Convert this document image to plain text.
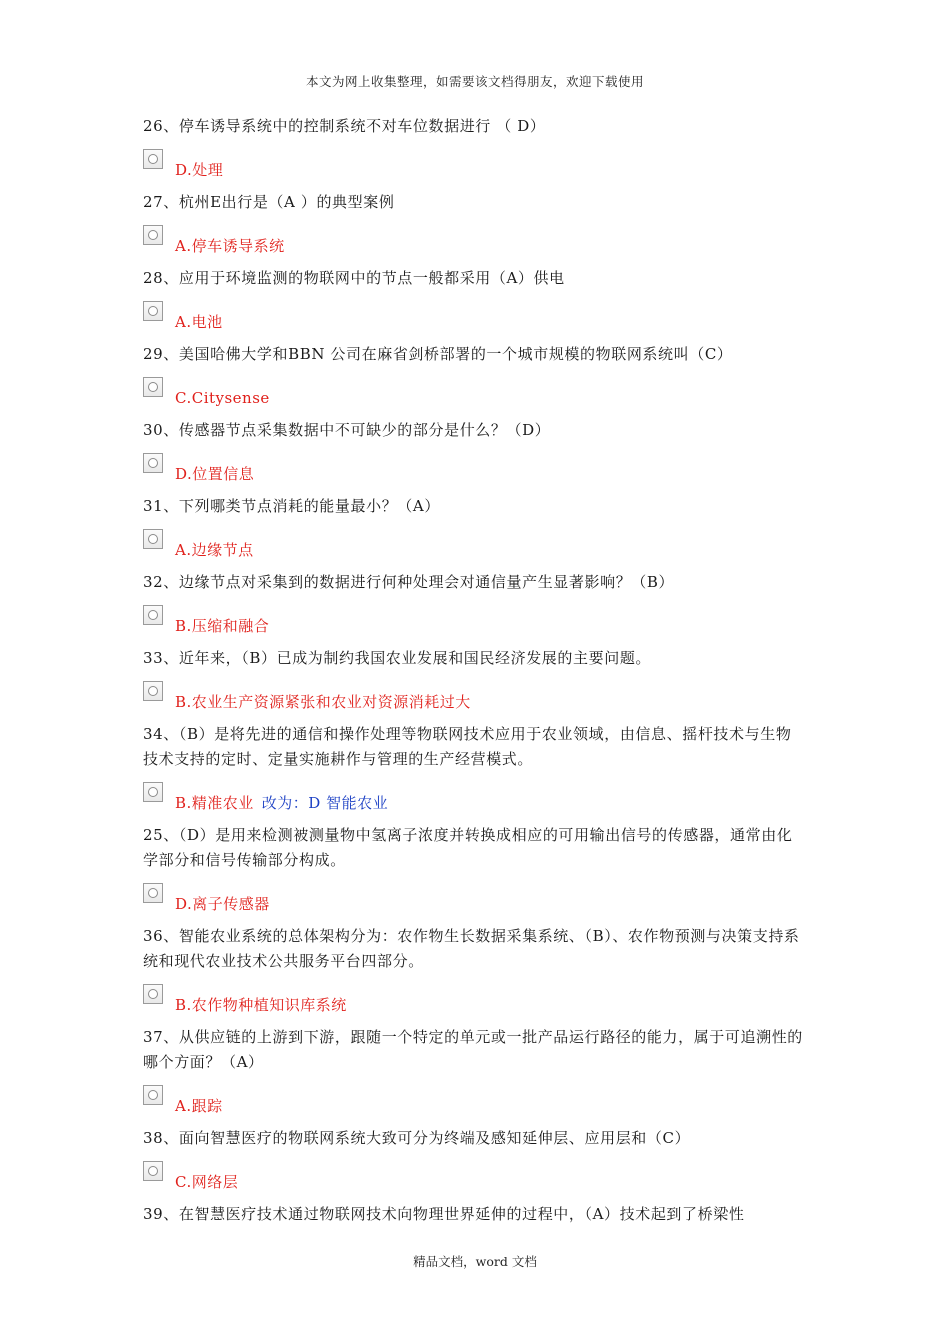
本文为网上收集整理，如需要该文档得朋友，欢迎下载使用

26、停车诱导系统中的控制系统不对车位数据进行 （ D）

D.处理

27、杭州E出行是（A ）的典型案例

A.停车诱导系统

28、应用于环境监测的物联网中的节点一般都采用（A）供电

A.电池

29、美国哈佛大学和BBN 公司在麻省剑桥部署的一个城市规模的物联网系统叫（C）

C.Citysense

30、传感器节点采集数据中不可缺少的部分是什么？（D）

D.位置信息

31、下列哪类节点消耗的能量最小？（A）

A.边缘节点

32、边缘节点对采集到的数据进行何种处理会对通信量产生显著影响？（B）

B.压缩和融合

33、近年来，（B）已成为制约我国农业发展和国民经济发展的主要问题。

B.农业生产资源紧张和农业对资源消耗过大

34、（B）是将先进的通信和操作处理等物联网技术应用于农业领域，由信息、摇杆技术与生物技术支持的定时、定量实施耕作与管理的生产经营模式。

B.精准农业 改为：D 智能农业

25、（D）是用来检测被测量物中氢离子浓度并转换成相应的可用输出信号的传感器，通常由化学部分和信号传输部分构成。

D.离子传感器

36、智能农业系统的总体架构分为：农作物生长数据采集系统、（B）、农作物预测与决策支持系统和现代农业技术公共服务平台四部分。

B.农作物种植知识库系统

37、从供应链的上游到下游，跟随一个特定的单元或一批产品运行路径的能力，属于可追溯性的哪个方面？（A）

A.跟踪

38、面向智慧医疗的物联网系统大致可分为终端及感知延伸层、应用层和（C）

C.网络层

39、在智慧医疗技术通过物联网技术向物理世界延伸的过程中，（A）技术起到了桥梁性

精品文档，word 文档
